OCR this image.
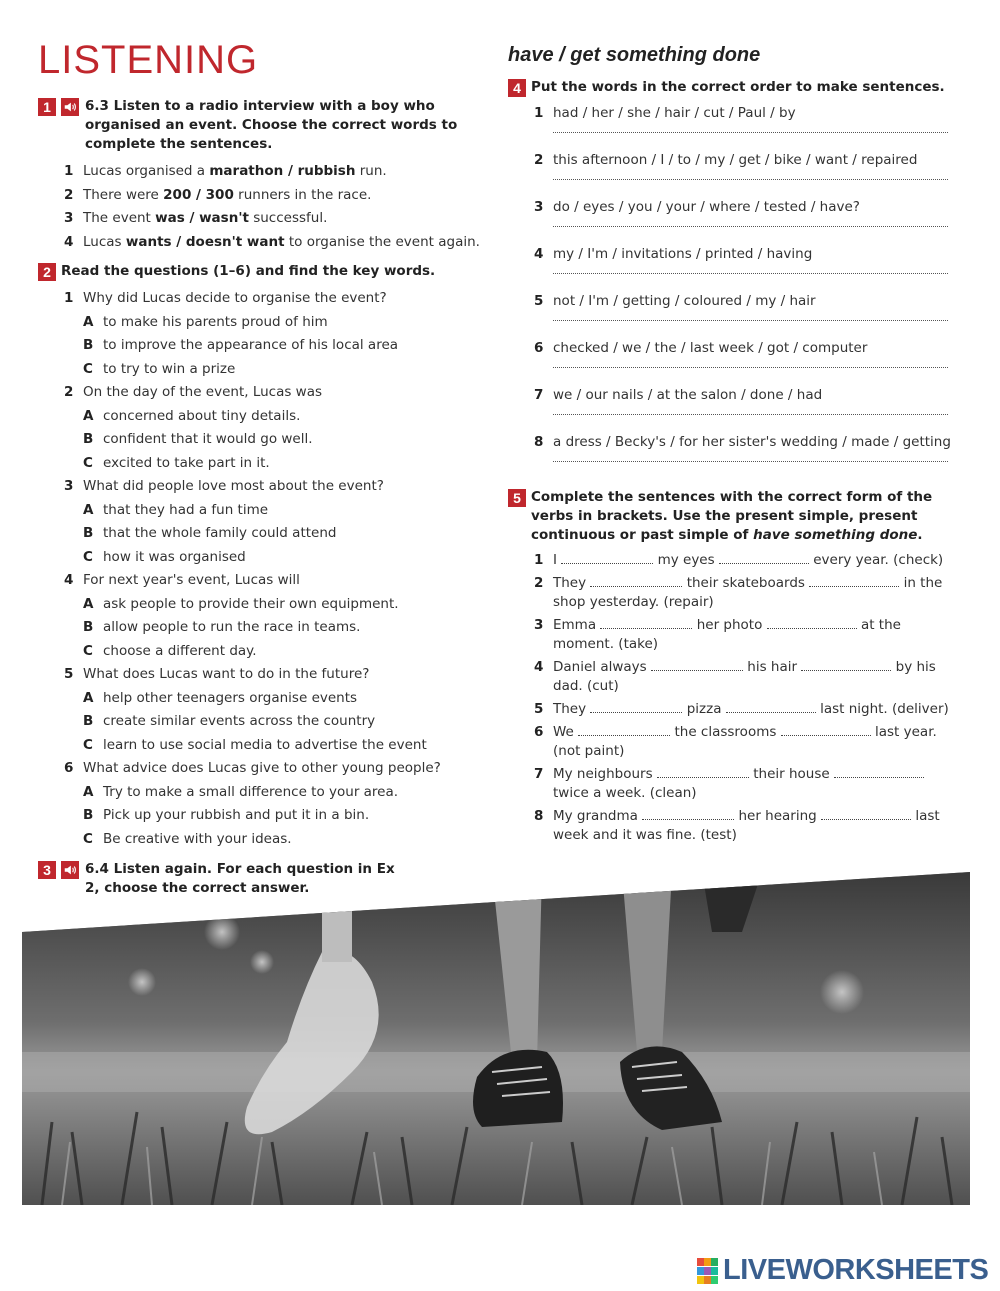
LISTENING	have / get something done
1	6.3 Listen to a radio interview with a boy who organised an event. Choose the correct words to complete the sentences.
1 Lucas organised a marathon / rubbish run.
2 There were 200 / 300 runners in the race.
3 The event was / wasn't successful.
4 Lucas wants / doesn't want to organise the event again.
2 Read the questions (1–6) and find the key words.
1 Why did Lucas decide to organise the event?
A to make his parents proud of him
B to improve the appearance of his local area
C to try to win a prize
2 On the day of the event, Lucas was
A concerned about tiny details.
B confident that it would go well.
C excited to take part in it.
3 What did people love most about the event?
A that they had a fun time
B that the whole family could attend
C how it was organised
4 For next year's event, Lucas will
A ask people to provide their own equipment.
B allow people to run the race in teams.
C choose a different day.
5 What does Lucas want to do in the future?
A help other teenagers organise events
B create similar events across the country
C learn to use social media to advertise the event
6 What advice does Lucas give to other young people?
A Try to make a small difference to your area.
B Pick up your rubbish and put it in a bin.
C Be creative with your ideas.
3	6.4 Listen again. For each question in Ex 2, choose the correct answer.
4 Put the words in the correct order to make sentences.
1 had / her / she / hair / cut / Paul / by
2 this afternoon / I / to / my / get / bike / want / repaired
3 do / eyes / you / your / where / tested / have?
4 my / I'm / invitations / printed / having
5 not / I'm / getting / coloured / my / hair
6 checked / we / the / last week / got / computer
7 we / our nails / at the salon / done / had
8 a dress / Becky's / for her sister's wedding / made / getting
5 Complete the sentences with the correct form of the verbs in brackets. Use the present simple, present continuous or past simple of have something done.
1 I	my eyes	every year. (check)
2 They	their skateboards	in the shop yesterday. (repair)
3 Emma	her photo	at the moment. (take)
4 Daniel always	his hair	by his dad. (cut)
5 They	pizza	last night. (deliver)
6 We	the classrooms	last year. (not paint)
7 My neighbours	their house  twice a week. (clean)
8 My grandma	her hearing	last week and it was fine. (test)
LIVEWORKSHEETS
